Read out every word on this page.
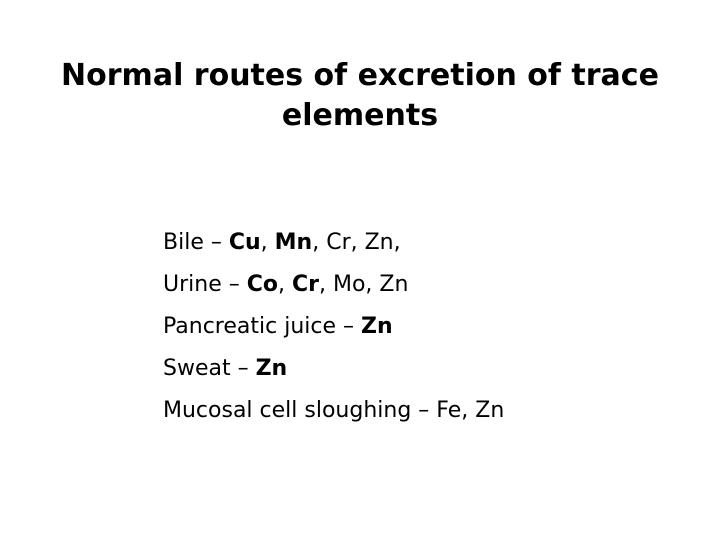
Normal routes of excretion of trace
elements
Bile – Cu, Mn, Cr, Zn,
Urine – Co, Cr, Mo, Zn
Pancreatic juice – Zn
Sweat – Zn
Mucosal cell sloughing – Fe, Zn
